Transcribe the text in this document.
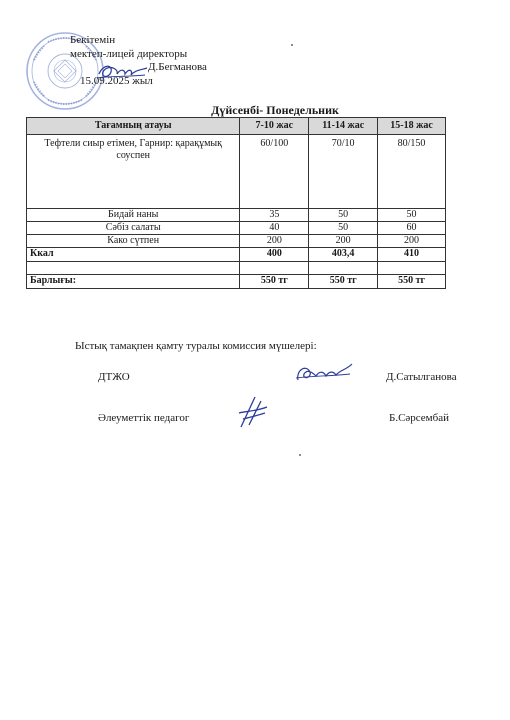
Бекітемін
мектеп-лицей директоры
Д.Бегманова
15.09.2025 жыл
Дүйсенбі- Понедельник
Тағамның атауы	7-10 жас	11-14 жас	15-18 жас
Тефтели сиыр етімен, Гарнир: қарақұмық соуспен	60/100	70/10	80/150
Бидай наны	35	50	50
Сәбіз салаты	40	50	60
Како сүтпен	200	200	200
Ккал	400	403,4	410

Барлығы:	550 тг	550 тг	550 тг
Ыстық тамақпен қамту туралы комиссия мүшелері:
ДТЖО	Д.Сатылганова
Әлеуметтік педагог	Б.Сәрсембай
